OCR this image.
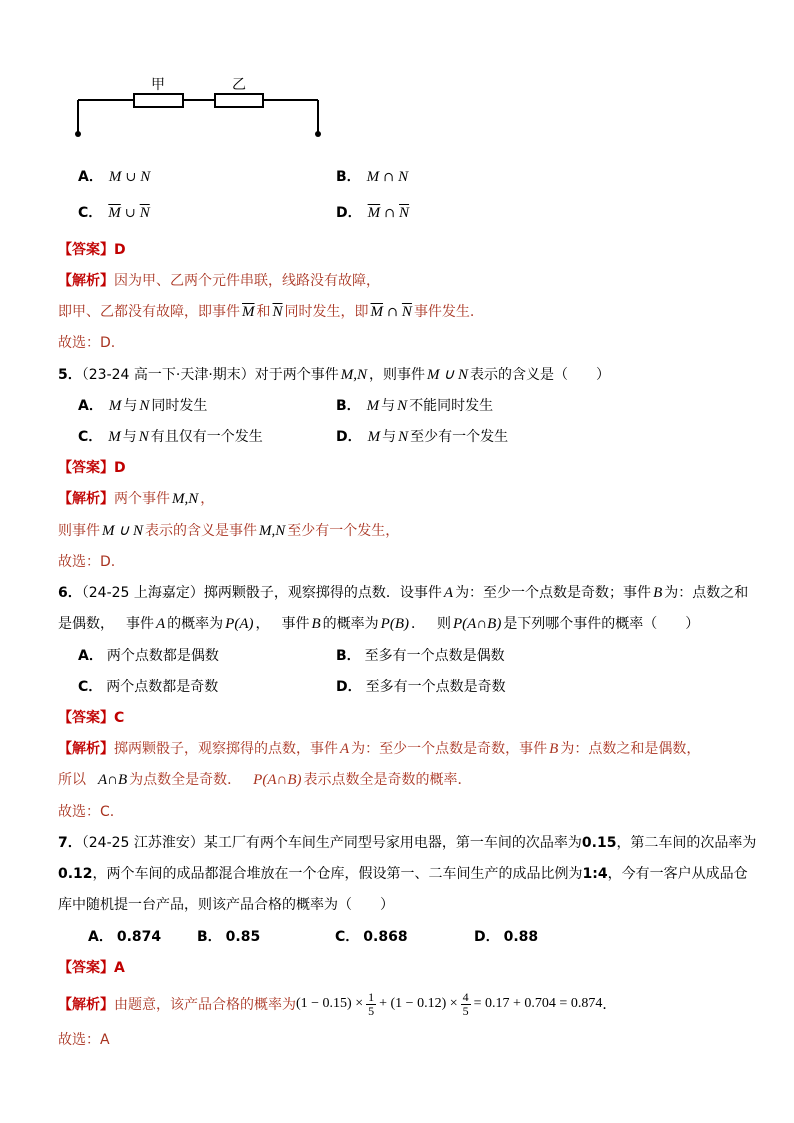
甲	乙
A． M ∪ N	B． M ∩ N
C． $\overline{M}$ ∪ $\overline{N}$	D． $\overline{M}$ ∩ $\overline{N}$
【答案】D
【解析】因为甲、乙两个元件串联，线路没有故障，
即甲、乙都没有故障，即事件 $\overline{M}$ 和 $\overline{N}$ 同时发生，即 $\overline{M}$ ∩ $\overline{N}$ 事件发生.
故选：D.
5．（23-24 高一下·天津·期末）对于两个事件 M,N ，则事件 M ∪ N 表示的含义是（　　）
A． M 与 N 同时发生	B． M 与 N 不能同时发生
C． M 与 N 有且仅有一个发生	D． M 与 N 至少有一个发生
【答案】D
【解析】两个事件 M,N ，
则事件 M ∪ N 表示的含义是事件 M,N 至少有一个发生，
故选：D.
6．（24-25 上海嘉定）掷两颗骰子，观察掷得的点数．设事件 A 为：至少一个点数是奇数；事件 B 为：点数之和
是偶数， 事件 A 的概率为 P(A) ， 事件 B 的概率为 P(B) ． 则 P(A∩B) 是下列哪个事件的概率（　　）
A． 两个点数都是偶数	B． 至多有一个点数是偶数
C． 两个点数都是奇数	D． 至多有一个点数是奇数
【答案】C
【解析】掷两颗骰子，观察掷得的点数，事件 A 为：至少一个点数是奇数，事件 B 为：点数之和是偶数，
所以 A∩B 为点数全是奇数． P(A∩B) 表示点数全是奇数的概率．
故选：C.
7．（24-25 江苏淮安）某工厂有两个车间生产同型号家用电器，第一车间的次品率为0.15，第二车间的次品率为
0.12，两个车间的成品都混合堆放在一个仓库，假设第一、二车间生产的成品比例为1:4，今有一客户从成品仓
库中随机提一台产品，则该产品合格的概率为（　　）
A． 0.874	B． 0.85	C． 0.868	D． 0.88
【答案】A
【解析】 由题意，该产品合格的概率为 $(1 - 0.15) \times \frac{1}{5} + (1 - 0.12) \times \frac{4}{5} = 0.17 + 0.704 = 0.874$ ．
故选：A
